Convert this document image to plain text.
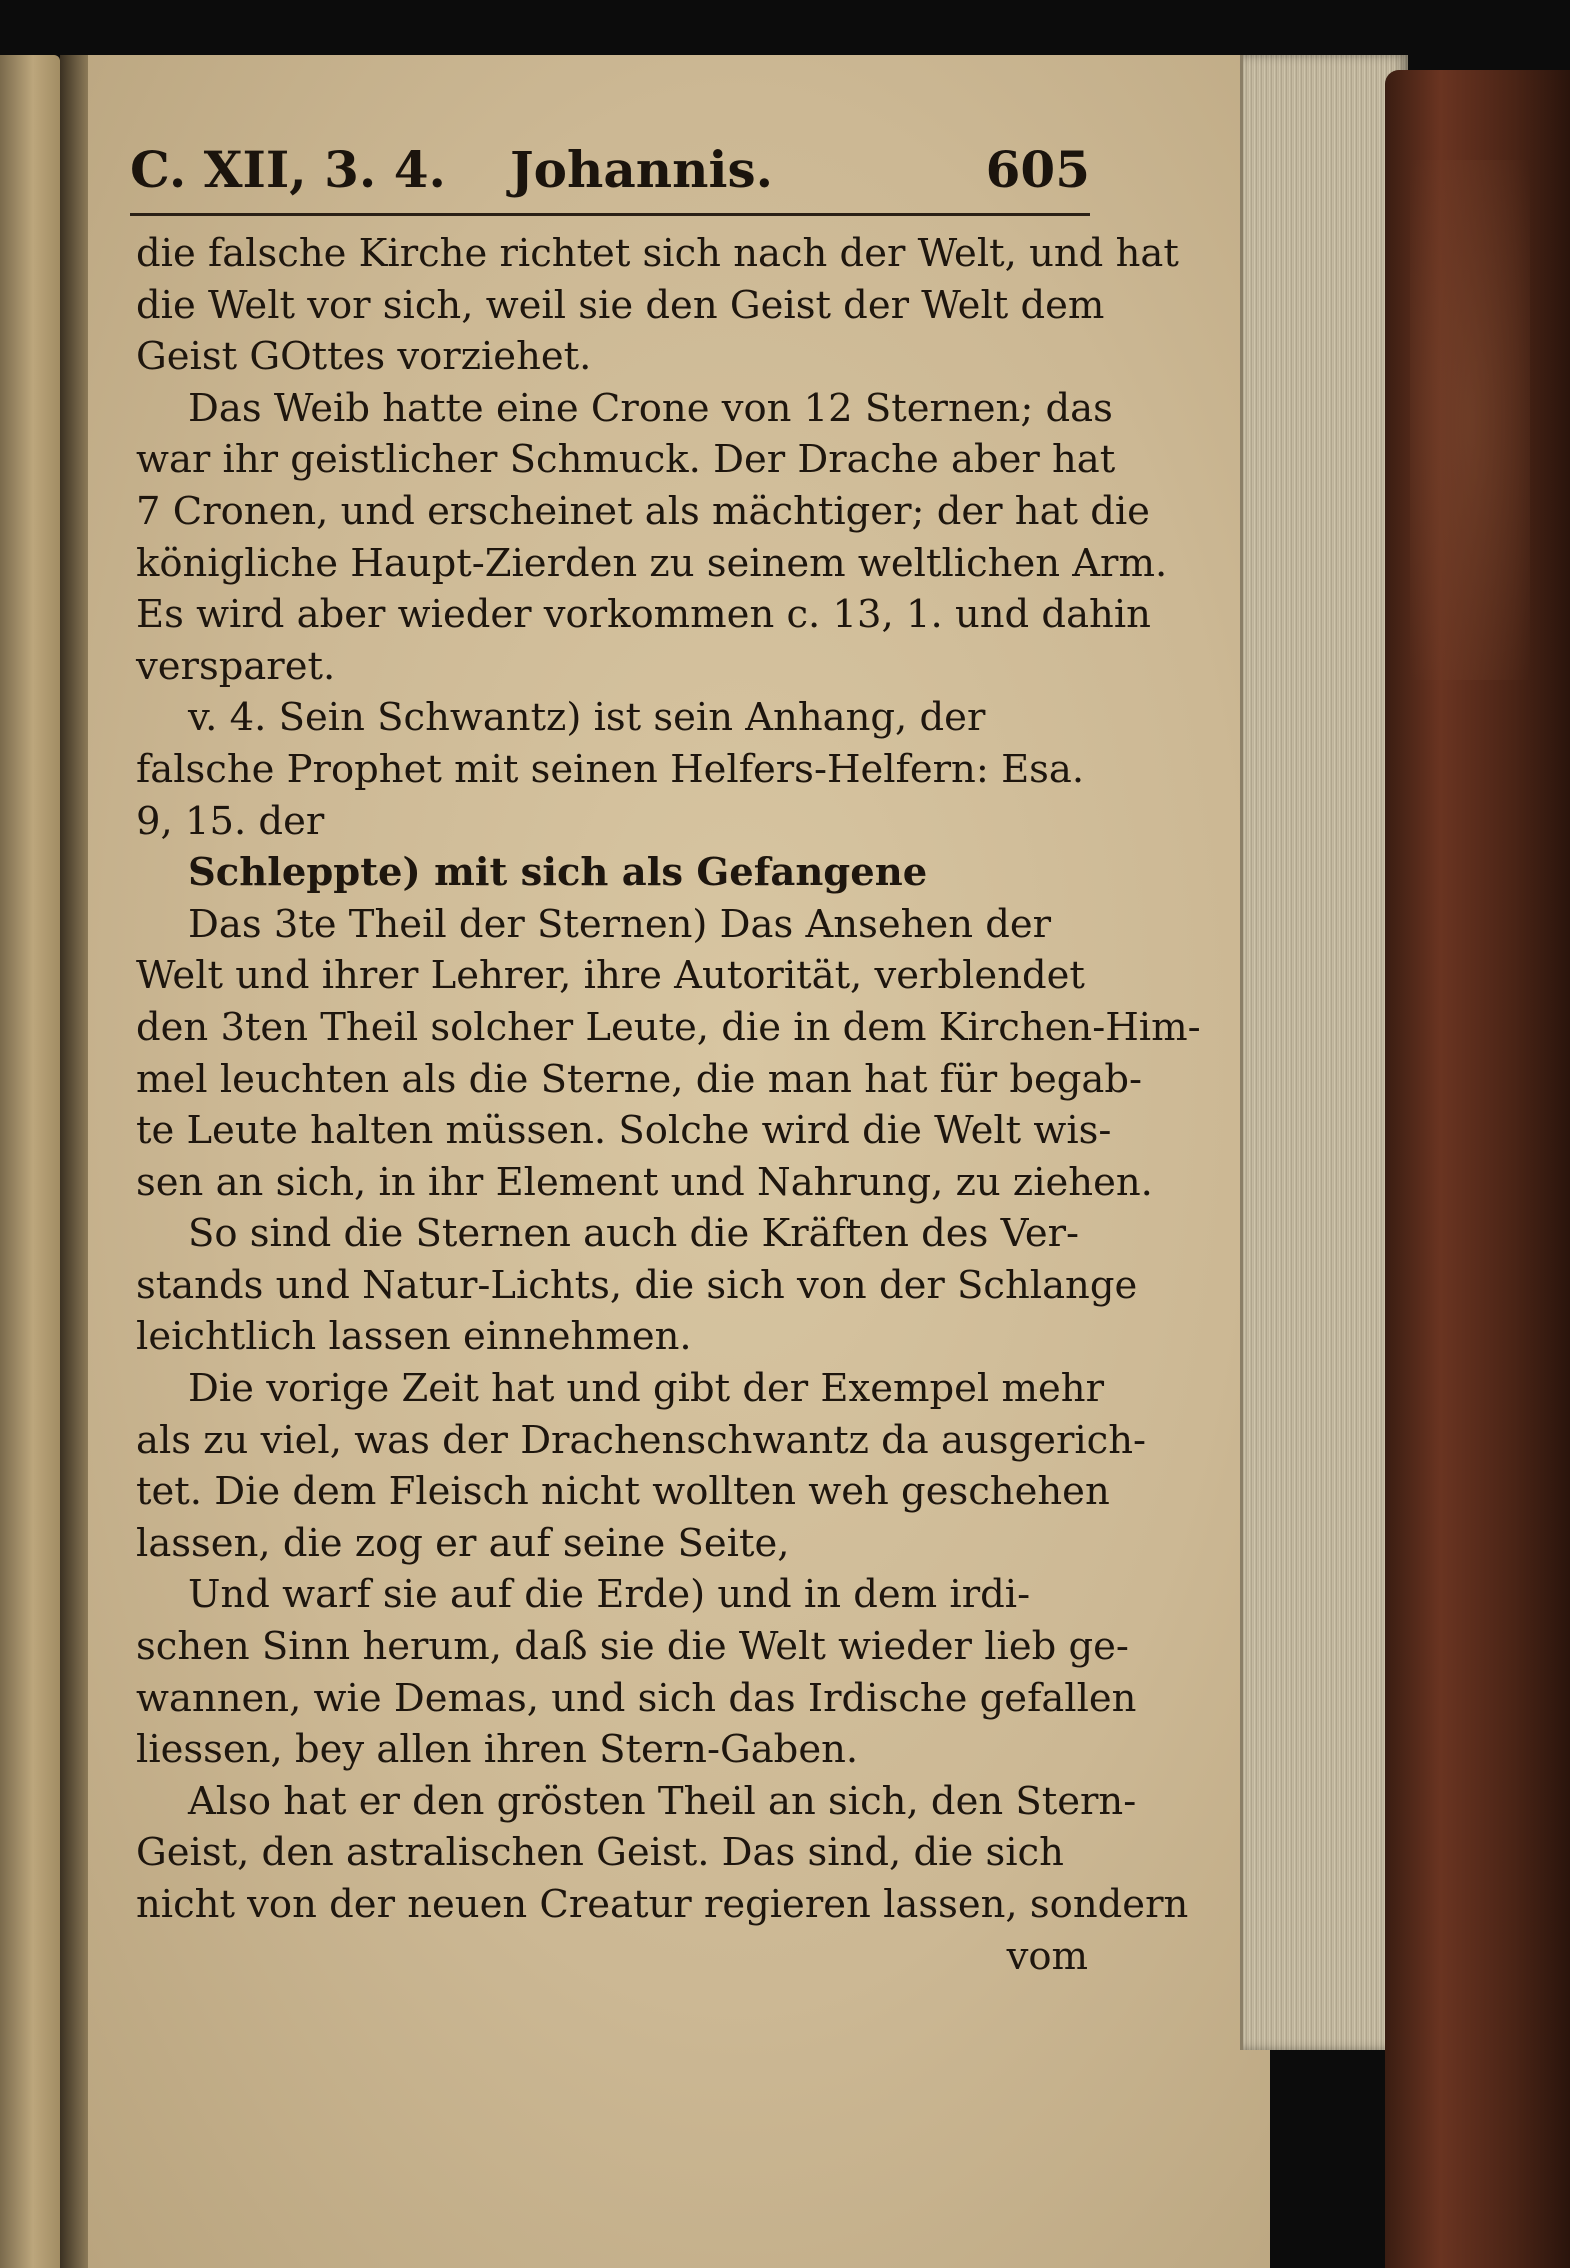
C. XII, 3. 4. Johannis.	605
die falsche Kirche richtet sich nach der Welt, und hat
die Welt vor sich, weil sie den Geist der Welt dem
Geist GOttes vorziehet.
Das Weib hatte eine Crone von 12 Sternen; das
war ihr geistlicher Schmuck. Der Drache aber hat
7 Cronen, und erscheinet als mächtiger; der hat die
königliche Haupt-Zierden zu seinem weltlichen Arm.
Es wird aber wieder vorkommen c. 13, 1. und dahin
versparet.
v. 4. Sein Schwantz) ist sein Anhang, der
falsche Prophet mit seinen Helfers-Helfern: Esa.
9, 15. der
Schleppte) mit sich als Gefangene
Das 3te Theil der Sternen) Das Ansehen der
Welt und ihrer Lehrer, ihre Autorität, verblendet
den 3ten Theil solcher Leute, die in dem Kirchen-Him-
mel leuchten als die Sterne, die man hat für begab-
te Leute halten müssen. Solche wird die Welt wis-
sen an sich, in ihr Element und Nahrung, zu ziehen.
So sind die Sternen auch die Kräften des Ver-
stands und Natur-Lichts, die sich von der Schlange
leichtlich lassen einnehmen.
Die vorige Zeit hat und gibt der Exempel mehr
als zu viel, was der Drachenschwantz da ausgerich-
tet. Die dem Fleisch nicht wollten weh geschehen
lassen, die zog er auf seine Seite,
Und warf sie auf die Erde) und in dem irdi-
schen Sinn herum, daß sie die Welt wieder lieb ge-
wannen, wie Demas, und sich das Irdische gefallen
liessen, bey allen ihren Stern-Gaben.
Also hat er den grösten Theil an sich, den Stern-
Geist, den astralischen Geist. Das sind, die sich
nicht von der neuen Creatur regieren lassen, sondern
vom
